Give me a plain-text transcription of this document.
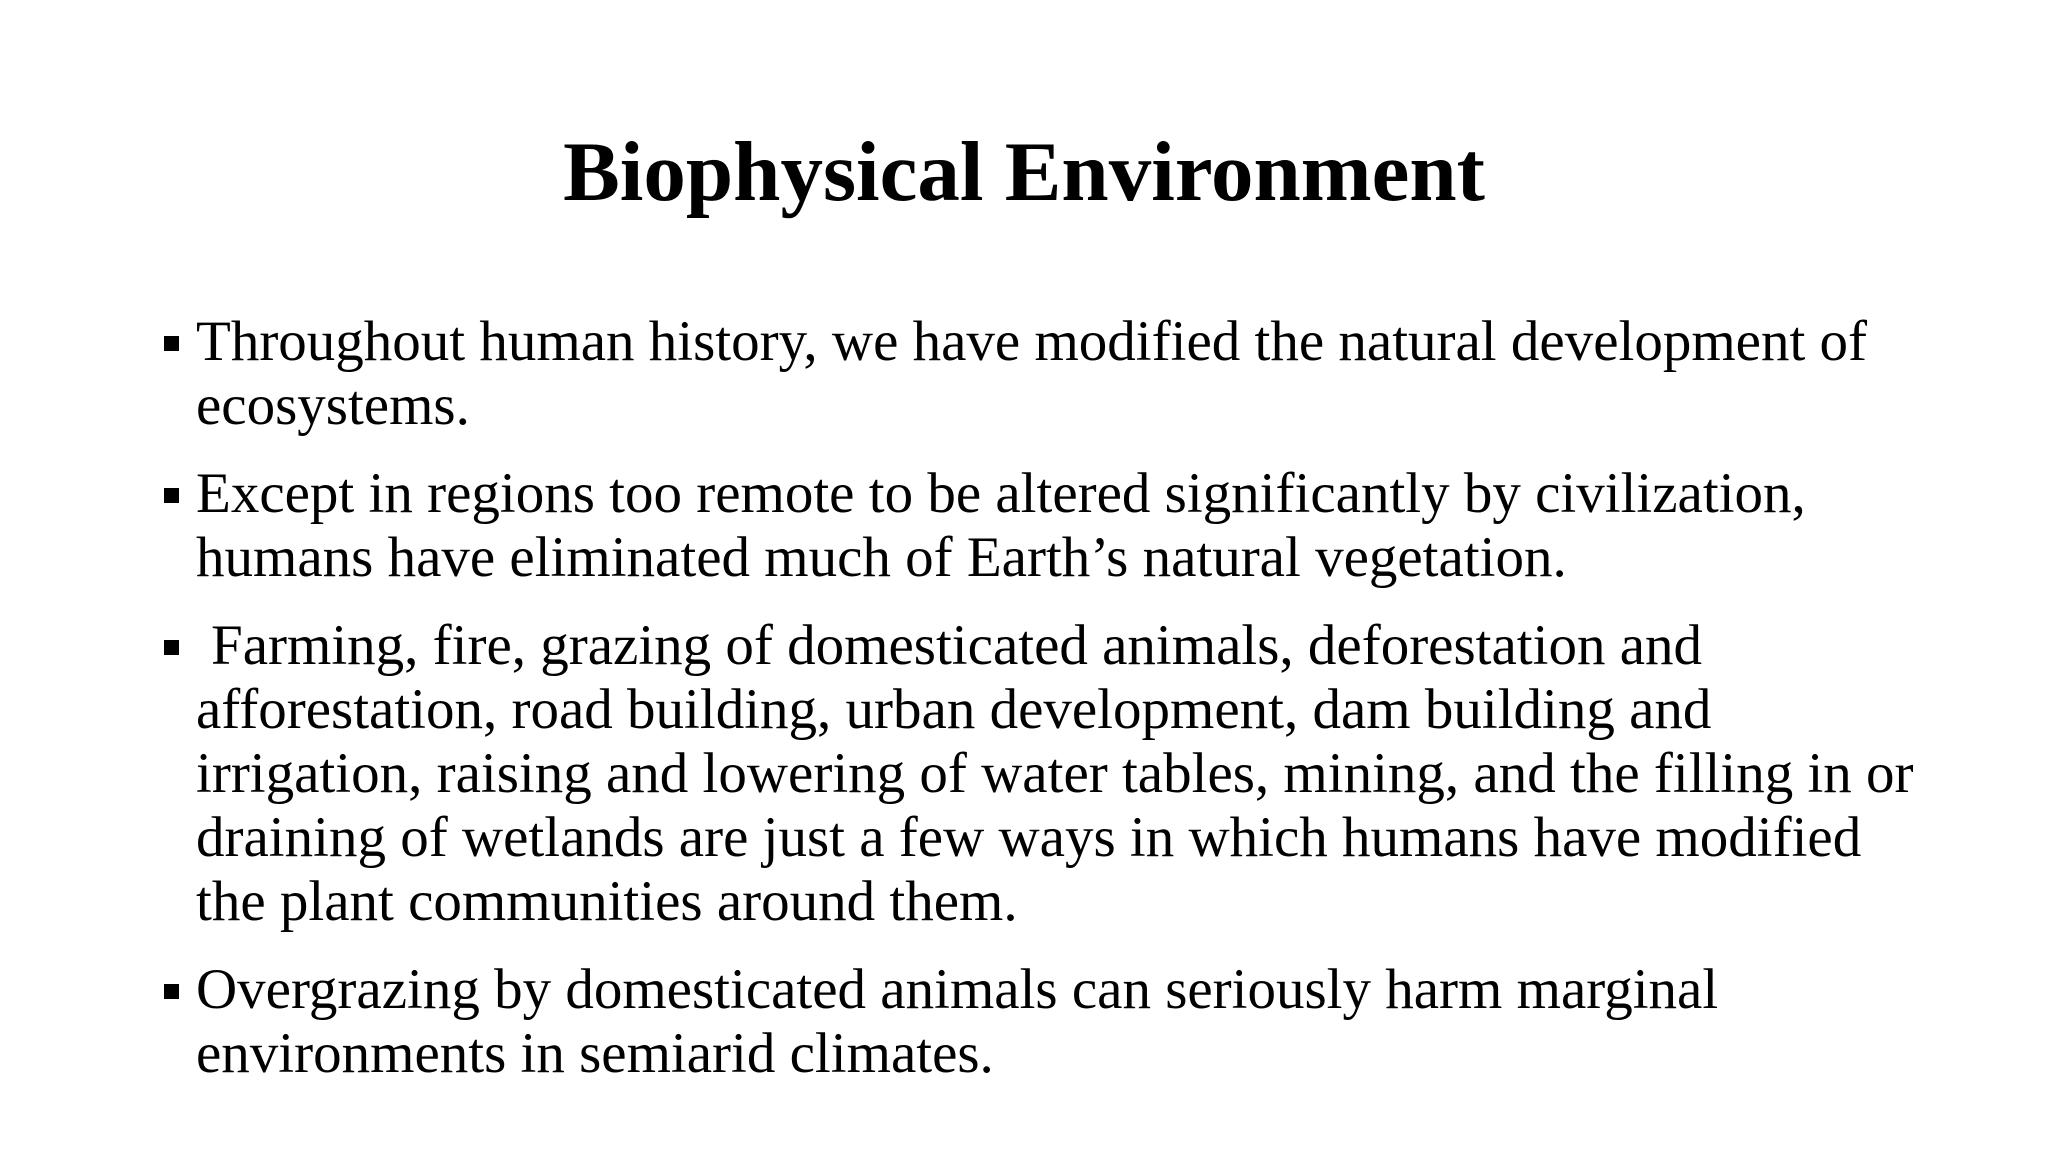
Biophysical Environment
Throughout human history, we have modified the natural development of ecosystems.
Except in regions too remote to be altered significantly by civilization, humans have eliminated much of Earth’s natural vegetation.
Farming, fire, grazing of domesticated animals, deforestation and afforestation, road building, urban development, dam building and irrigation, raising and lowering of water tables, mining, and the filling in or draining of wetlands are just a few ways in which humans have modified the plant communities around them.
Overgrazing by domesticated animals can seriously harm marginal environments in semiarid climates.
